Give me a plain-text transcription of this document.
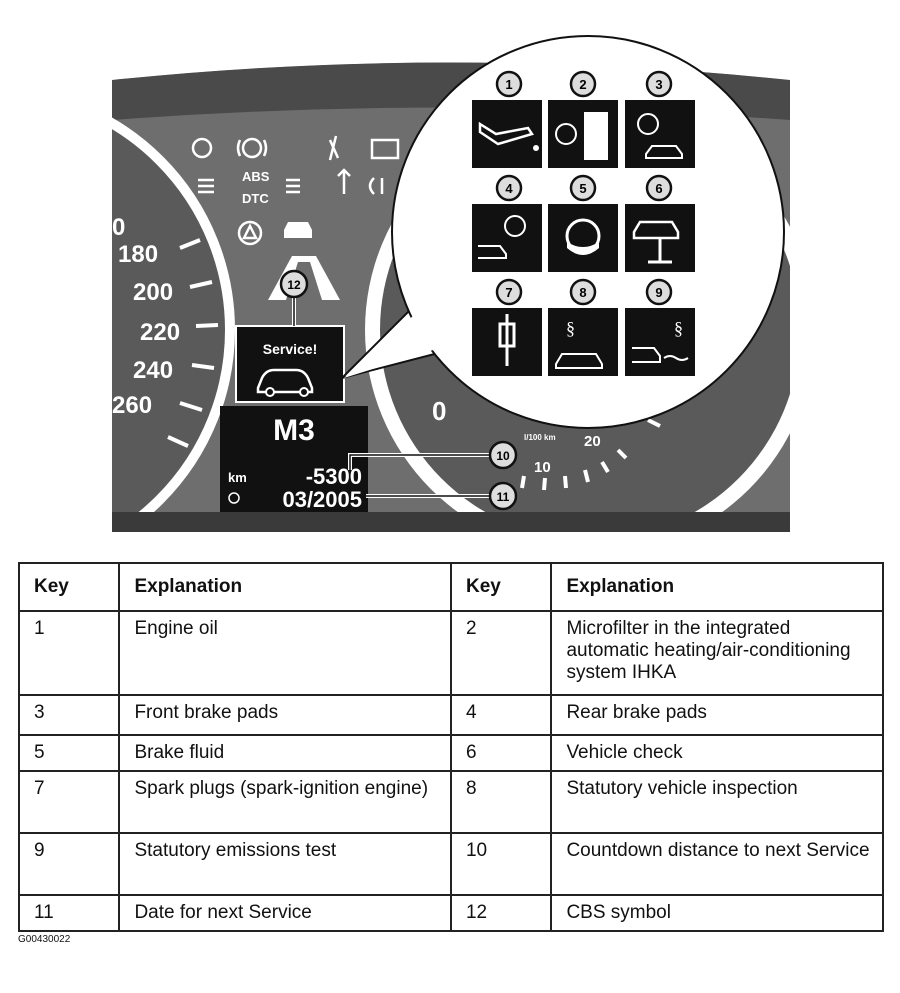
0
180
200
220
240
260
ABS
DTC
Service!
M3
km	-5300
03/2005
0
l/100 km
10
20
§	§
1	2	3
4	5	6
7	8	9
10
11
12
Key	Explanation	Key	Explanation
1	Engine oil	2	Microfilter in the integrated automatic heating/air-conditioning system IHKA
3	Front brake pads	4	Rear brake pads
5	Brake fluid	6	Vehicle check
7	Spark plugs (spark-ignition engine)	8	Statutory vehicle inspection
9	Statutory emissions test	10	Countdown distance to next Service
11	Date for next Service	12	CBS symbol
G00430022
